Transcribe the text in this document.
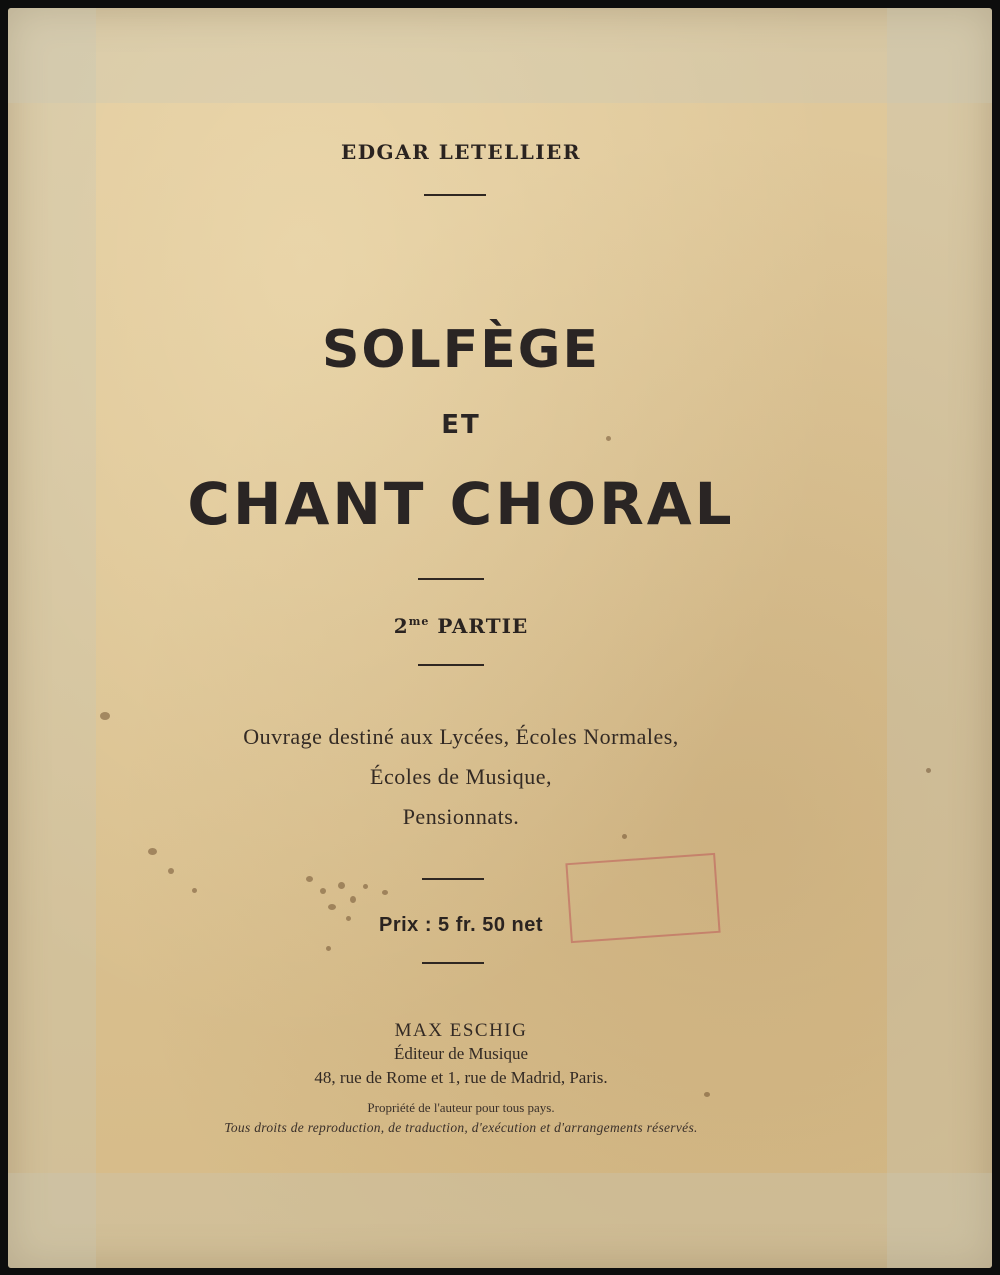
EDGAR LETELLIER
SOLFÈGE
ET
CHANT CHORAL
$2^{me}$ PARTIE
Ouvrage destiné aux Lycées, Écoles Normales,
Écoles de Musique,
Pensionnats.
Prix : 5 fr. 50 net
MAX ESCHIG
Éditeur de Musique
48, rue de Rome et 1, rue de Madrid, Paris.
Propriété de l'auteur pour tous pays.
Tous droits de reproduction, de traduction, d'exécution et d'arrangements réservés.
